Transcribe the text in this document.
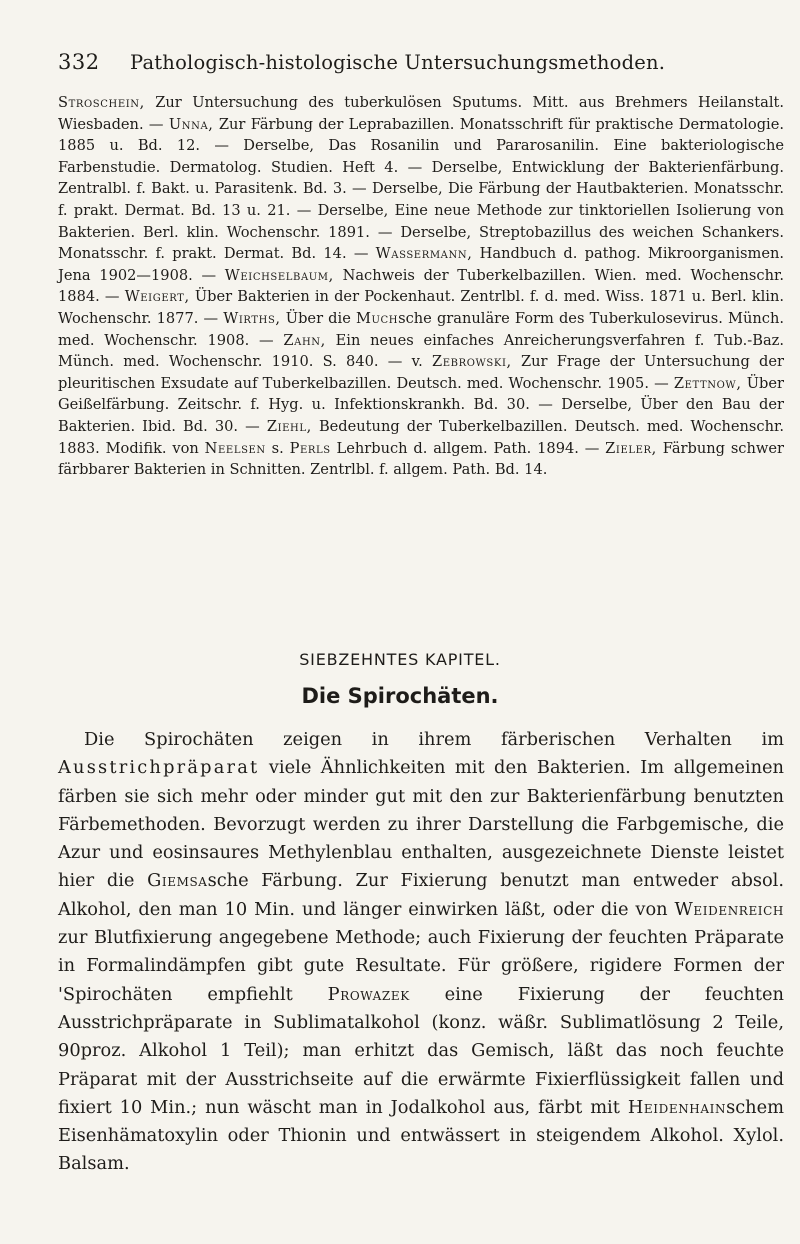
332	Pathologisch-histologische Untersuchungsmethoden.
Stroschein, Zur Untersuchung des tuberkulösen Sputums. Mitt. aus Brehmers Heilanstalt. Wiesbaden. — Unna, Zur Färbung der Leprabazillen. Monatsschrift für praktische Dermatologie. 1885 u. Bd. 12. — Derselbe, Das Rosanilin und Pararosanilin. Eine bakteriologische Farbenstudie. Dermatolog. Studien. Heft 4. — Derselbe, Entwicklung der Bakterienfärbung. Zentralbl. f. Bakt. u. Parasitenk. Bd. 3. — Derselbe, Die Färbung der Hautbakterien. Monatsschr. f. prakt. Dermat. Bd. 13 u. 21. — Derselbe, Eine neue Methode zur tinktoriellen Isolierung von Bakterien. Berl. klin. Wochenschr. 1891. — Derselbe, Streptobazillus des weichen Schankers. Monatsschr. f. prakt. Dermat. Bd. 14. — Wassermann, Handbuch d. pathog. Mikroorganismen. Jena 1902—1908. — Weichselbaum, Nachweis der Tuberkelbazillen. Wien. med. Wochenschr. 1884. — Weigert, Über Bakterien in der Pockenhaut. Zentrlbl. f. d. med. Wiss. 1871 u. Berl. klin. Wochenschr. 1877. — Wirths, Über die Muchsche granuläre Form des Tuberkulosevirus. Münch. med. Wochenschr. 1908. — Zahn, Ein neues einfaches Anreicherungsverfahren f. Tub.-Baz. Münch. med. Wochenschr. 1910. S. 840. — v. Zebrowski, Zur Frage der Untersuchung der pleuritischen Exsudate auf Tuberkelbazillen. Deutsch. med. Wochenschr. 1905. — Zettnow, Über Geißelfärbung. Zeitschr. f. Hyg. u. Infektionskrankh. Bd. 30. — Derselbe, Über den Bau der Bakterien. Ibid. Bd. 30. — Ziehl, Bedeutung der Tuberkelbazillen. Deutsch. med. Wochenschr. 1883. Modifik. von Neelsen s. Perls Lehrbuch d. allgem. Path. 1894. — Zieler, Färbung schwer färbbarer Bakterien in Schnitten. Zentrlbl. f. allgem. Path. Bd. 14.
SIEBZEHNTES KAPITEL.
Die Spirochäten.

Die Spirochäten zeigen in ihrem färberischen Verhalten im Ausstrichpräparat viele Ähnlichkeiten mit den Bakterien. Im allgemeinen färben sie sich mehr oder minder gut mit den zur Bakterienfärbung benutzten Färbemethoden. Bevorzugt werden zu ihrer Darstellung die Farbgemische, die Azur und eosinsaures Methylenblau enthalten, ausgezeichnete Dienste leistet hier die Giemsasche Färbung. Zur Fixierung benutzt man entweder absol. Alkohol, den man 10 Min. und länger einwirken läßt, oder die von Weidenreich zur Blutfixierung angegebene Methode; auch Fixierung der feuchten Präparate in Formalindämpfen gibt gute Resultate. Für größere, rigidere Formen der 'Spirochäten empfiehlt Prowazek eine Fixierung der feuchten Ausstrichpräparate in Sublimatalkohol (konz. wäßr. Sublimatlösung 2 Teile, 90proz. Alkohol 1 Teil); man erhitzt das Gemisch, läßt das noch feuchte Präparat mit der Ausstrichseite auf die erwärmte Fixierflüssigkeit fallen und fixiert 10 Min.; nun wäscht man in Jodalkohol aus, färbt mit Heidenhainschem Eisenhämatoxylin oder Thionin und entwässert in steigendem Alkohol. Xylol. Balsam.
